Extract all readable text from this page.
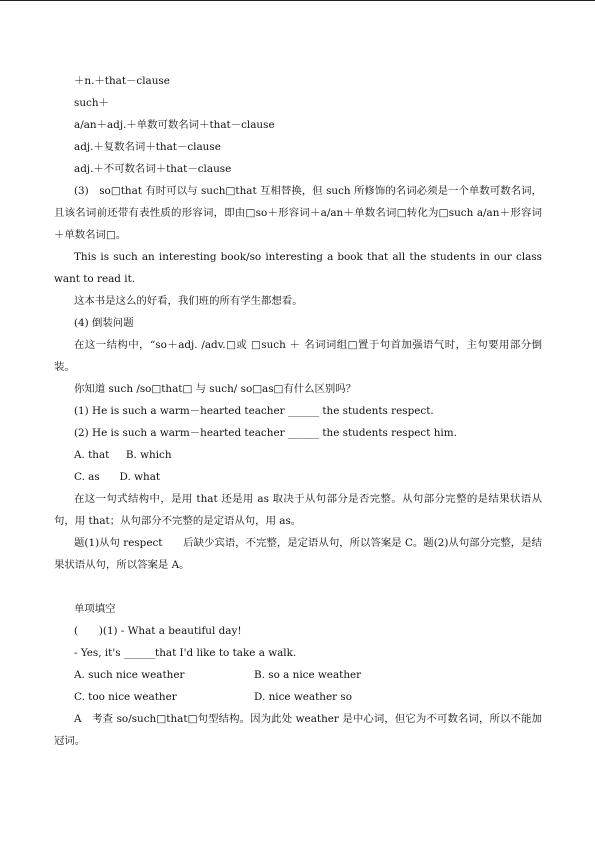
＋n.＋that－clause
such＋
a/an＋adj.＋单数可数名词＋that－clause
adj.＋复数名词＋that－clause
adj.＋不可数名词＋that－clause
(3)　so□that 有时可以与 such□that 互相替换，但 such 所修饰的名词必须是一个单数可数名词，且该名词前还带有表性质的形容词，即由□so＋形容词＋a/an＋单数名词□转化为□such a/an＋形容词＋单数名词□。
This is such an interesting book/so interesting a book that all the students in our class want to read it.
这本书是这么的好看，我们班的所有学生都想看。
(4) 倒装问题
在这一结构中，“so＋adj. /adv.□或 □such ＋ 名词词组□置于句首加强语气时，主句要用部分倒装。
你知道 such /so□that□ 与 such/ so□as□有什么区别吗？
(1) He is such a warm－hearted teacher ______ the students respect.
(2) He is such a warm－hearted teacher ______ the students respect him.
A. that B. which
C. as D. what
在这一句式结构中，是用 that 还是用 as 取决于从句部分是否完整。从句部分完整的是结果状语从句，用 that；从句部分不完整的是定语从句，用 as。
题(1)从句 respect　　后缺少宾语，不完整，是定语从句，所以答案是 C。题(2)从句部分完整，是结果状语从句，所以答案是 A。
单项填空
(　　)(1) - What a beautiful day!
- Yes, it's ______that I'd like to take a walk.
A. such nice weather	B. so a nice weather
C. too nice weather	D. nice weather so
A　考查 so/such□that□句型结构。因为此处 weather 是中心词，但它为不可数名词，所以不能加冠词。
